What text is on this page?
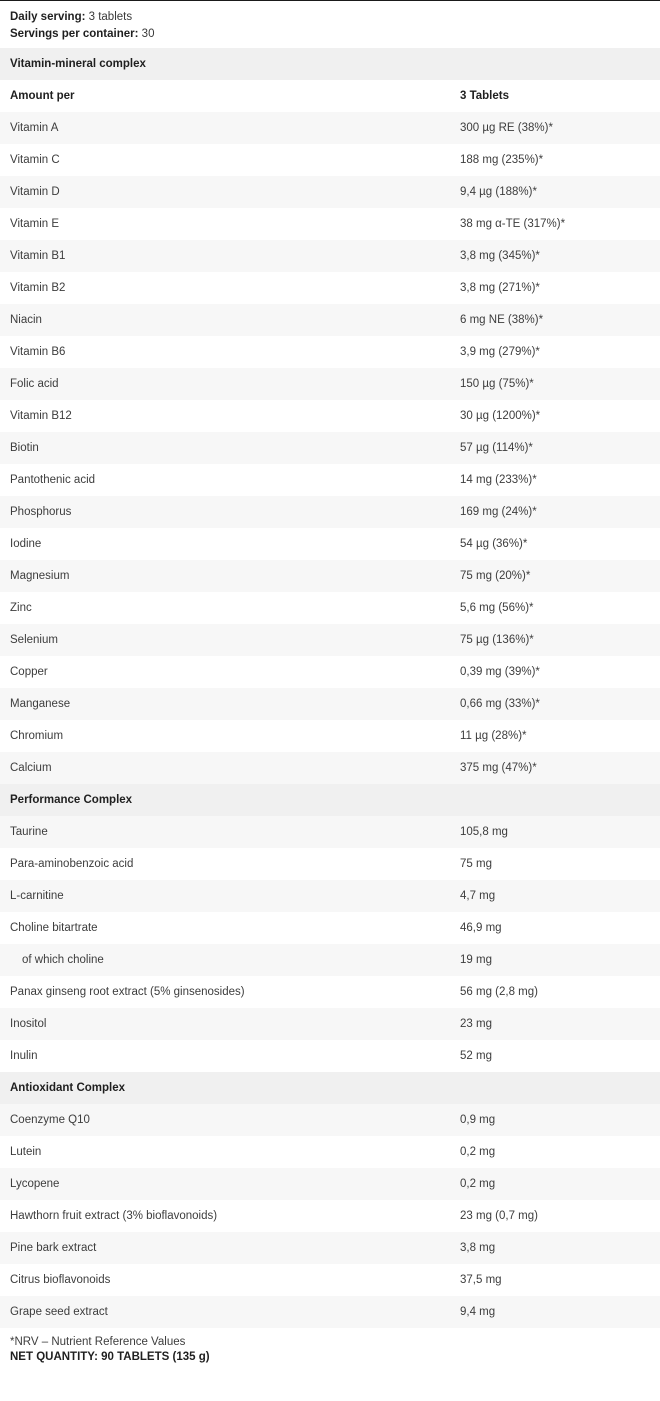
Daily serving: 3 tablets
Servings per container: 30
Vitamin-mineral complex	
Amount per	3 Tablets
Vitamin A	300 µg RE (38%)*
Vitamin C	188 mg (235%)*
Vitamin D	9,4 µg (188%)*
Vitamin E	38 mg α-TE (317%)*
Vitamin B1	3,8 mg (345%)*
Vitamin B2	3,8 mg (271%)*
Niacin	6 mg NE (38%)*
Vitamin B6	3,9 mg (279%)*
Folic acid	150 µg (75%)*
Vitamin B12	30 µg (1200%)*
Biotin	57 µg (114%)*
Pantothenic acid	14 mg (233%)*
Phosphorus	169 mg (24%)*
Iodine	54 µg (36%)*
Magnesium	75 mg (20%)*
Zinc	5,6 mg (56%)*
Selenium	75 µg (136%)*
Copper	0,39 mg (39%)*
Manganese	0,66 mg (33%)*
Chromium	11 µg (28%)*
Calcium	375 mg (47%)*
Performance Complex	
Taurine	105,8 mg
Para-aminobenzoic acid	75 mg
L-carnitine	4,7 mg
Choline bitartrate	46,9 mg
of which choline	19 mg
Panax ginseng root extract (5% ginsenosides)	56 mg (2,8 mg)
Inositol	23 mg
Inulin	52 mg
Antioxidant Complex	
Coenzyme Q10	0,9 mg
Lutein	0,2 mg
Lycopene	0,2 mg
Hawthorn fruit extract (3% bioflavonoids)	23 mg (0,7 mg)
Pine bark extract	3,8 mg
Citrus bioflavonoids	37,5 mg
Grape seed extract	9,4 mg
*NRV – Nutrient Reference Values
NET QUANTITY: 90 TABLETS (135 g)
